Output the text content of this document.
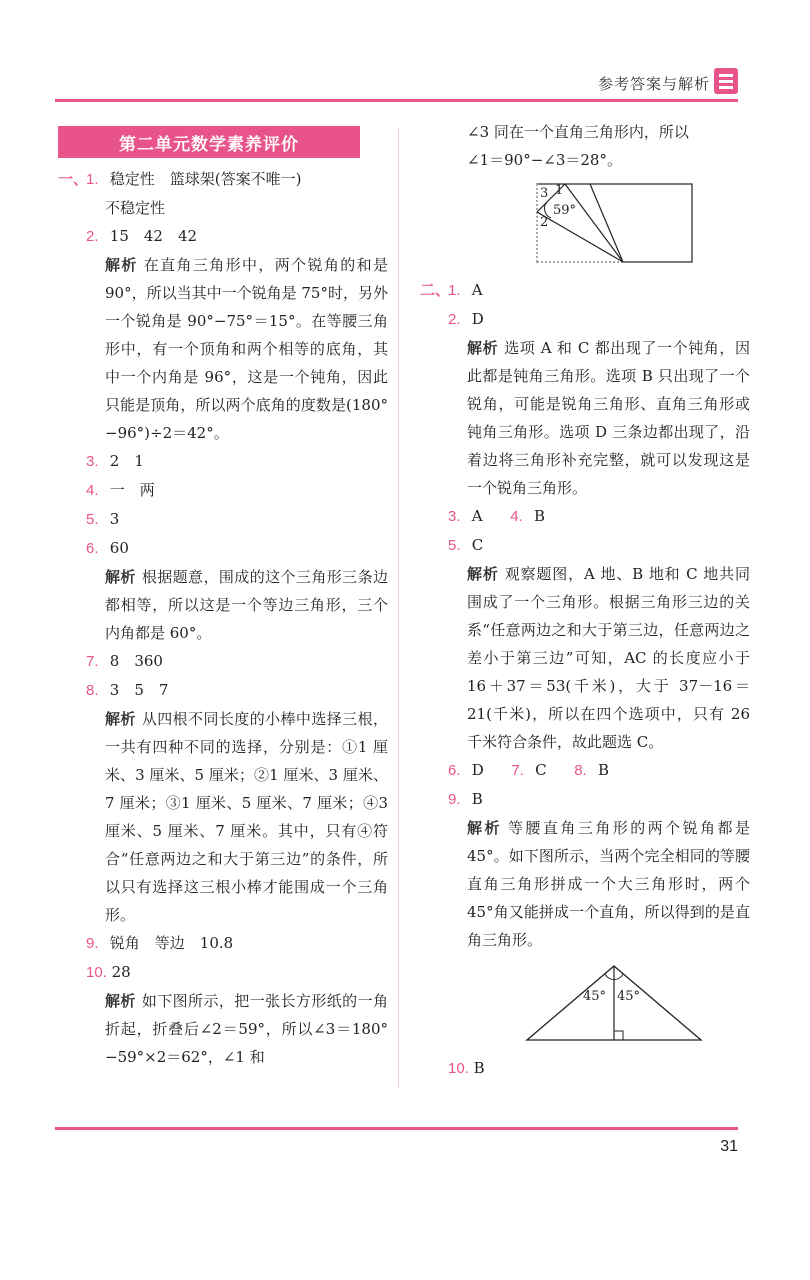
参考答案与解析
第二单元数学素养评价
一、1. 稳定性　篮球架(答案不唯一)
不稳定性
2. 15　42　42
解析 在直角三角形中，两个锐角的和是 90°，所以当其中一个锐角是 75°时，另外一个锐角是 90°−75°＝15°。在等腰三角形中，有一个顶角和两个相等的底角，其中一个内角是 96°，这是一个钝角，因此只能是顶角，所以两个底角的度数是(180°−96°)÷2＝42°。
3. 2　1
4. 一　两
5. 3
6. 60
解析 根据题意，围成的这个三角形三条边都相等，所以这是一个等边三角形，三个内角都是 60°。
7. 8　360
8. 3　5　7
解析 从四根不同长度的小棒中选择三根，一共有四种不同的选择，分别是：①1 厘米、3 厘米、5 厘米；②1 厘米、3 厘米、7 厘米；③1 厘米、5 厘米、7 厘米；④3 厘米、5 厘米、7 厘米。其中，只有④符合“任意两边之和大于第三边”的条件，所以只有选择这三根小棒才能围成一个三角形。
9. 锐角　等边　10.8
10. 28
解析 如下图所示，把一张长方形纸的一角折起，折叠后∠2＝59°，所以∠3＝180°−59°×2＝62°，∠1 和
∠3 同在一个直角三角形内，所以
∠1＝90°−∠3＝28°。
3 1
59°
2
二、1. A
2. D
解析 选项 A 和 C 都出现了一个钝角，因此都是钝角三角形。选项 B 只出现了一个锐角，可能是锐角三角形、直角三角形或钝角三角形。选项 D 三条边都出现了，沿着边将三角形补充完整，就可以发现这是一个锐角三角形。
3. A 4. B
5. C
解析 观察题图，A 地、B 地和 C 地共同围成了一个三角形。根据三角形三边的关系“任意两边之和大于第三边，任意两边之差小于第三边”可知，AC 的长度应小于 16＋37＝53(千米)，大于 37－16＝21(千米)，所以在四个选项中，只有 26 千米符合条件，故此题选 C。
6. D 7. C 8. B
9. B
解析 等腰直角三角形的两个锐角都是 45°。如下图所示，当两个完全相同的等腰直角三角形拼成一个大三角形时，两个 45°角又能拼成一个直角，所以得到的是直角三角形。
45° 45°
10. B
31
